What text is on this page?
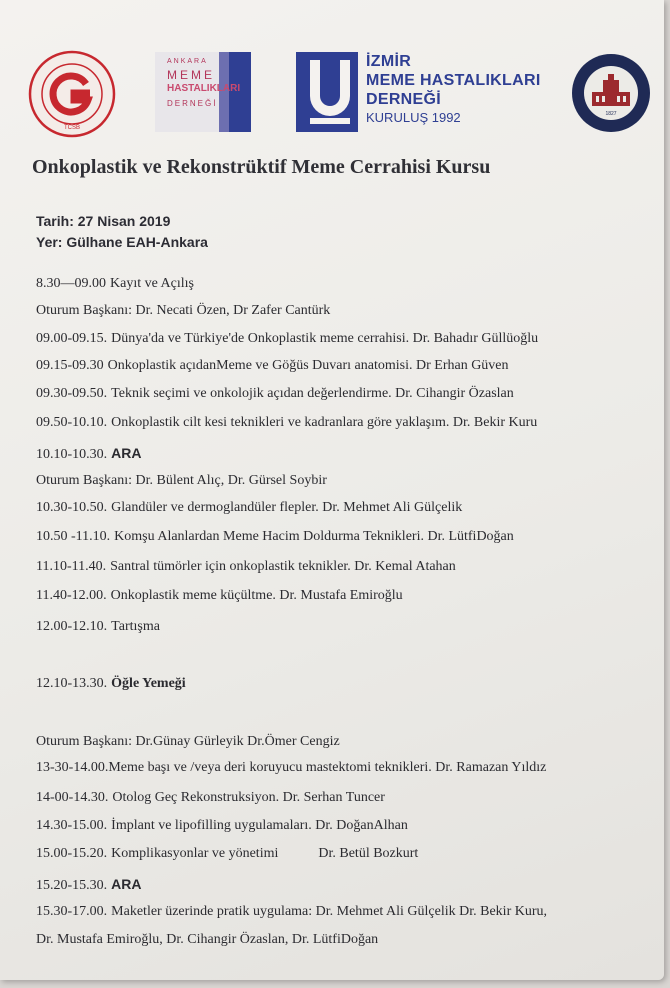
TCSB
ANKARA
MEME
HASTALIKLARI
DERNEĞİ
İZMİR
MEME HASTALIKLARI
DERNEĞİ
KURULUŞ 1992	1827
Onkoplastik ve Rekonstrüktif Meme Cerrahisi Kursu
Tarih: 27 Nisan 2019
Yer: Gülhane EAH-Ankara
8.30—09.00 Kayıt ve Açılış
Oturum Başkanı: Dr. Necati Özen, Dr Zafer Cantürk
09.00-09.15. Dünya'da ve Türkiye'de Onkoplastik meme cerrahisi. Dr. Bahadır Güllüoğlu
09.15-09.30 Onkoplastik açıdanMeme ve Göğüs Duvarı anatomisi. Dr Erhan Güven
09.30-09.50. Teknik seçimi ve onkolojik açıdan değerlendirme. Dr. Cihangir Özaslan
09.50-10.10. Onkoplastik cilt kesi teknikleri ve kadranlara göre yaklaşım. Dr. Bekir Kuru
10.10-10.30. ARA
Oturum Başkanı: Dr. Bülent Alıç, Dr. Gürsel Soybir
10.30-10.50. Glandüler ve dermoglandüler flepler. Dr. Mehmet Ali Gülçelik
10.50 -11.10. Komşu Alanlardan Meme Hacim Doldurma Teknikleri. Dr. LütfiDoğan
11.10-11.40. Santral tümörler için onkoplastik teknikler. Dr. Kemal Atahan
11.40-12.00. Onkoplastik meme küçültme. Dr. Mustafa Emiroğlu
12.00-12.10. Tartışma
12.10-13.30. Öğle Yemeği
Oturum Başkanı: Dr.Günay Gürleyik Dr.Ömer Cengiz
13-30-14.00.Meme başı ve /veya deri koruyucu mastektomi teknikleri. Dr. Ramazan Yıldız
14-00-14.30. Otolog Geç Rekonstruksiyon. Dr. Serhan Tuncer
14.30-15.00. İmplant ve lipofilling uygulamaları. Dr. DoğanAlhan
15.00-15.20. Komplikasyonlar ve yönetimi	Dr. Betül Bozkurt
15.20-15.30. ARA
15.30-17.00. Maketler üzerinde pratik uygulama: Dr. Mehmet Ali Gülçelik Dr. Bekir Kuru,
Dr. Mustafa Emiroğlu, Dr. Cihangir Özaslan, Dr. LütfiDoğan
